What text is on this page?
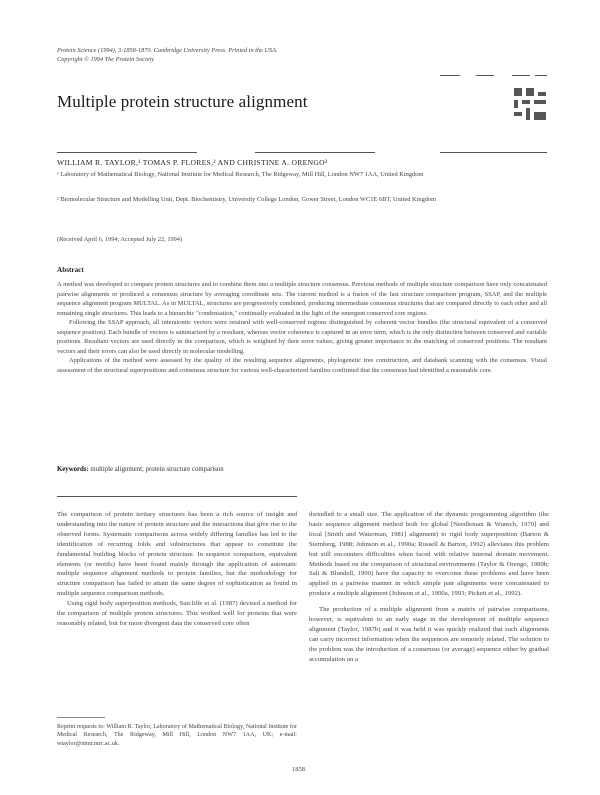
Protein Science (1994), 3:1858-1870. Cambridge University Press. Printed in the USA.
Copyright © 1994 The Protein Society
Multiple protein structure alignment
WILLIAM R. TAYLOR,¹ TOMAS P. FLORES,² AND CHRISTINE A. ORENGO²
¹ Laboratory of Mathematical Biology, National Institute for Medical Research, The Ridgeway, Mill Hill, London NW7 1AA, United Kingdom
² Biomolecular Structure and Modelling Unit, Dept. Biochemistry, University College London, Gower Street, London WC1E 6BT, United Kingdom
(Received April 6, 1994; Accepted July 22, 1994)
Abstract

A method was developed to compare protein structures and to combine them into a multiple structure consensus. Previous methods of multiple structure comparison have only concatenated pairwise alignments or produced a consensus structure by averaging coordinate sets. The current method is a fusion of the fast structure comparison program, SSAP, and the multiple sequence alignment program MULTAL. As in MULTAL, structures are progressively combined, producing intermediate consensus structures that are compared directly to each other and all remaining single structures. This leads to a hierarchic "condensation," continually evaluated in the light of the emergent conserved core regions.

Following the SSAP approach, all interatomic vectors were retained with well-conserved regions distinguished by coherent vector bundles (the structural equivalent of a conserved sequence position). Each bundle of vectors is summarized by a resultant, whereas vector coherence is captured in an error term, which is the only distinction between conserved and variable positions. Resultant vectors are used directly in the comparison, which is weighted by their error values, giving greater importance to the matching of conserved positions. The resultant vectors and their errors can also be used directly in molecular modelling.

Applications of the method were assessed by the quality of the resulting sequence alignments, phylogenetic tree construction, and databank scanning with the consensus. Visual assessment of the structural superpositions and consensus structure for various well-characterized families confirmed that the consensus had identified a reasonable core.

Keywords: multiple alignment; protein structure comparison

The comparison of protein tertiary structures has been a rich source of insight and understanding into the nature of protein structure and the interactions that give rise to the observed forms. Systematic comparisons across widely differing families has led to the identification of recurring folds and substructures that appear to constitute the fundamental building blocks of protein structure. In sequence comparison, equivalent elements (or motifs) have been found mainly through the application of automatic multiple sequence alignment methods to protein families, but the methodology for structure comparison has failed to attain the same degree of sophistication as found in multiple sequence comparison methods.

Using rigid body superposition methods, Sutcliffe et al. (1987) devised a method for the comparison of multiple protein structures. This worked well for proteins that were reasonably related, but for more divergent data the conserved core often

Reprint requests to: William R. Taylor, Laboratory of Mathematical Biology, National Institute for Medical Research, The Ridgeway, Mill Hill, London NW7 1AA, UK; e-mail: wtaylor@nimr.mrc.ac.uk.

dwindled to a small size. The application of the dynamic programming algorithm (the basic sequence alignment method both for global [Needleman & Wunsch, 1970] and local [Smith and Waterman, 1981] alignment) to rigid body superposition (Barton & Sternberg, 1988; Johnson et al., 1990a; Russell & Barton, 1992) alleviates this problem but still encounters difficulties when faced with relative internal domain movement. Methods based on the comparison of structural environments (Taylor & Orengo, 1989b; Sali & Blundell, 1990) have the capacity to overcome these problems and have been applied in a pairwise manner in which simple pair alignments were concatenated to produce a multiple alignment (Johnson et al., 1990a, 1993; Pickett et al., 1992).

The production of a multiple alignment from a matrix of pairwise comparisons, however, is equivalent to an early stage in the development of multiple sequence alignment (Taylor, 1987b) and it was held it was quickly realized that such alignments can carry incorrect information when the sequences are remotely related. The solution to the problem was the introduction of a consensus (or average) sequence either by gradual accumulation on a

1858
